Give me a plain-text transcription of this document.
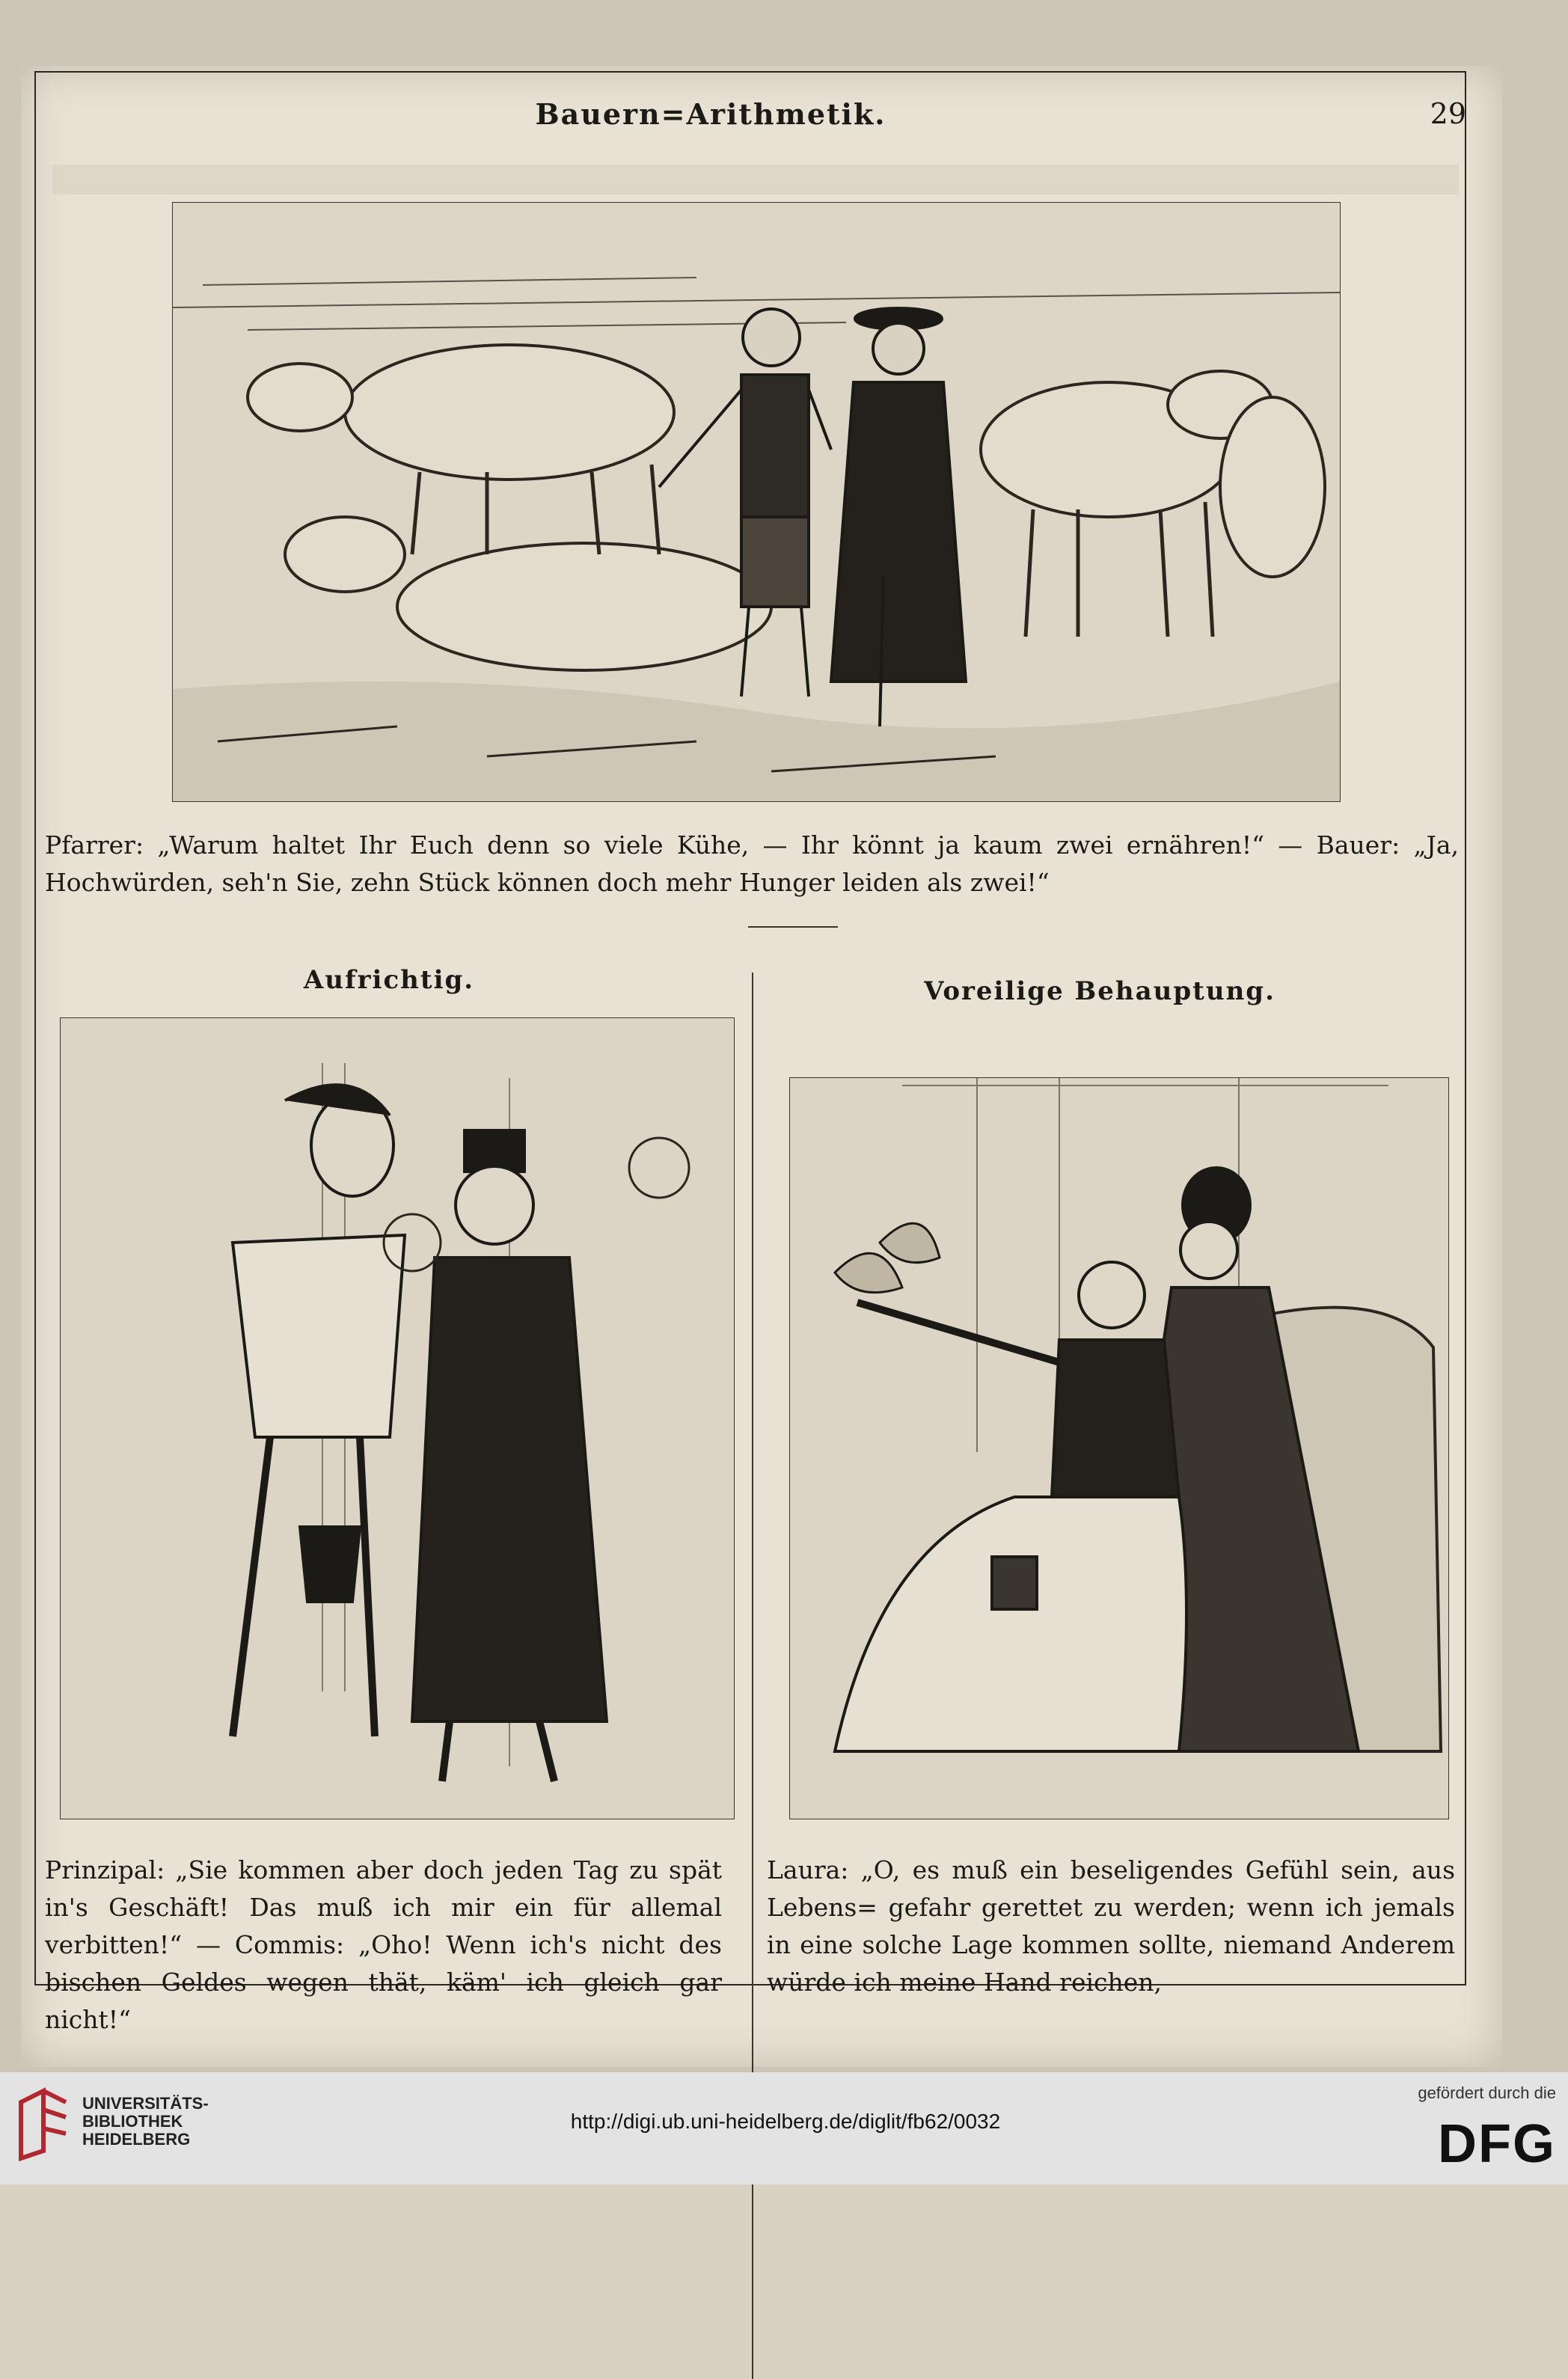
Bauern=Arithmetik.	29
Pfarrer: „Warum haltet Ihr Euch denn so viele Kühe, — Ihr könnt ja kaum zwei ernähren!“ — Bauer: „Ja, Hochwürden, seh'n Sie, zehn Stück können doch mehr Hunger leiden als zwei!“
Aufrichtig.	Voreilige Behauptung.
Prinzipal: „Sie kommen aber doch jeden Tag zu spät in's Geschäft! Das muß ich mir ein für allemal verbitten!“ — Commis: „Oho! Wenn ich's nicht des bischen Geldes wegen thät, käm' ich gleich gar nicht!“
Laura: „O, es muß ein beseligendes Gefühl sein, aus Lebens= gefahr gerettet zu werden; wenn ich jemals in eine solche Lage kommen sollte, niemand Anderem würde ich meine Hand reichen,
UNIVERSITÄTS- BIBLIOTHEK HEIDELBERG
http://digi.ub.uni-heidelberg.de/diglit/fb62/0032
gefördert durch die
DFG
